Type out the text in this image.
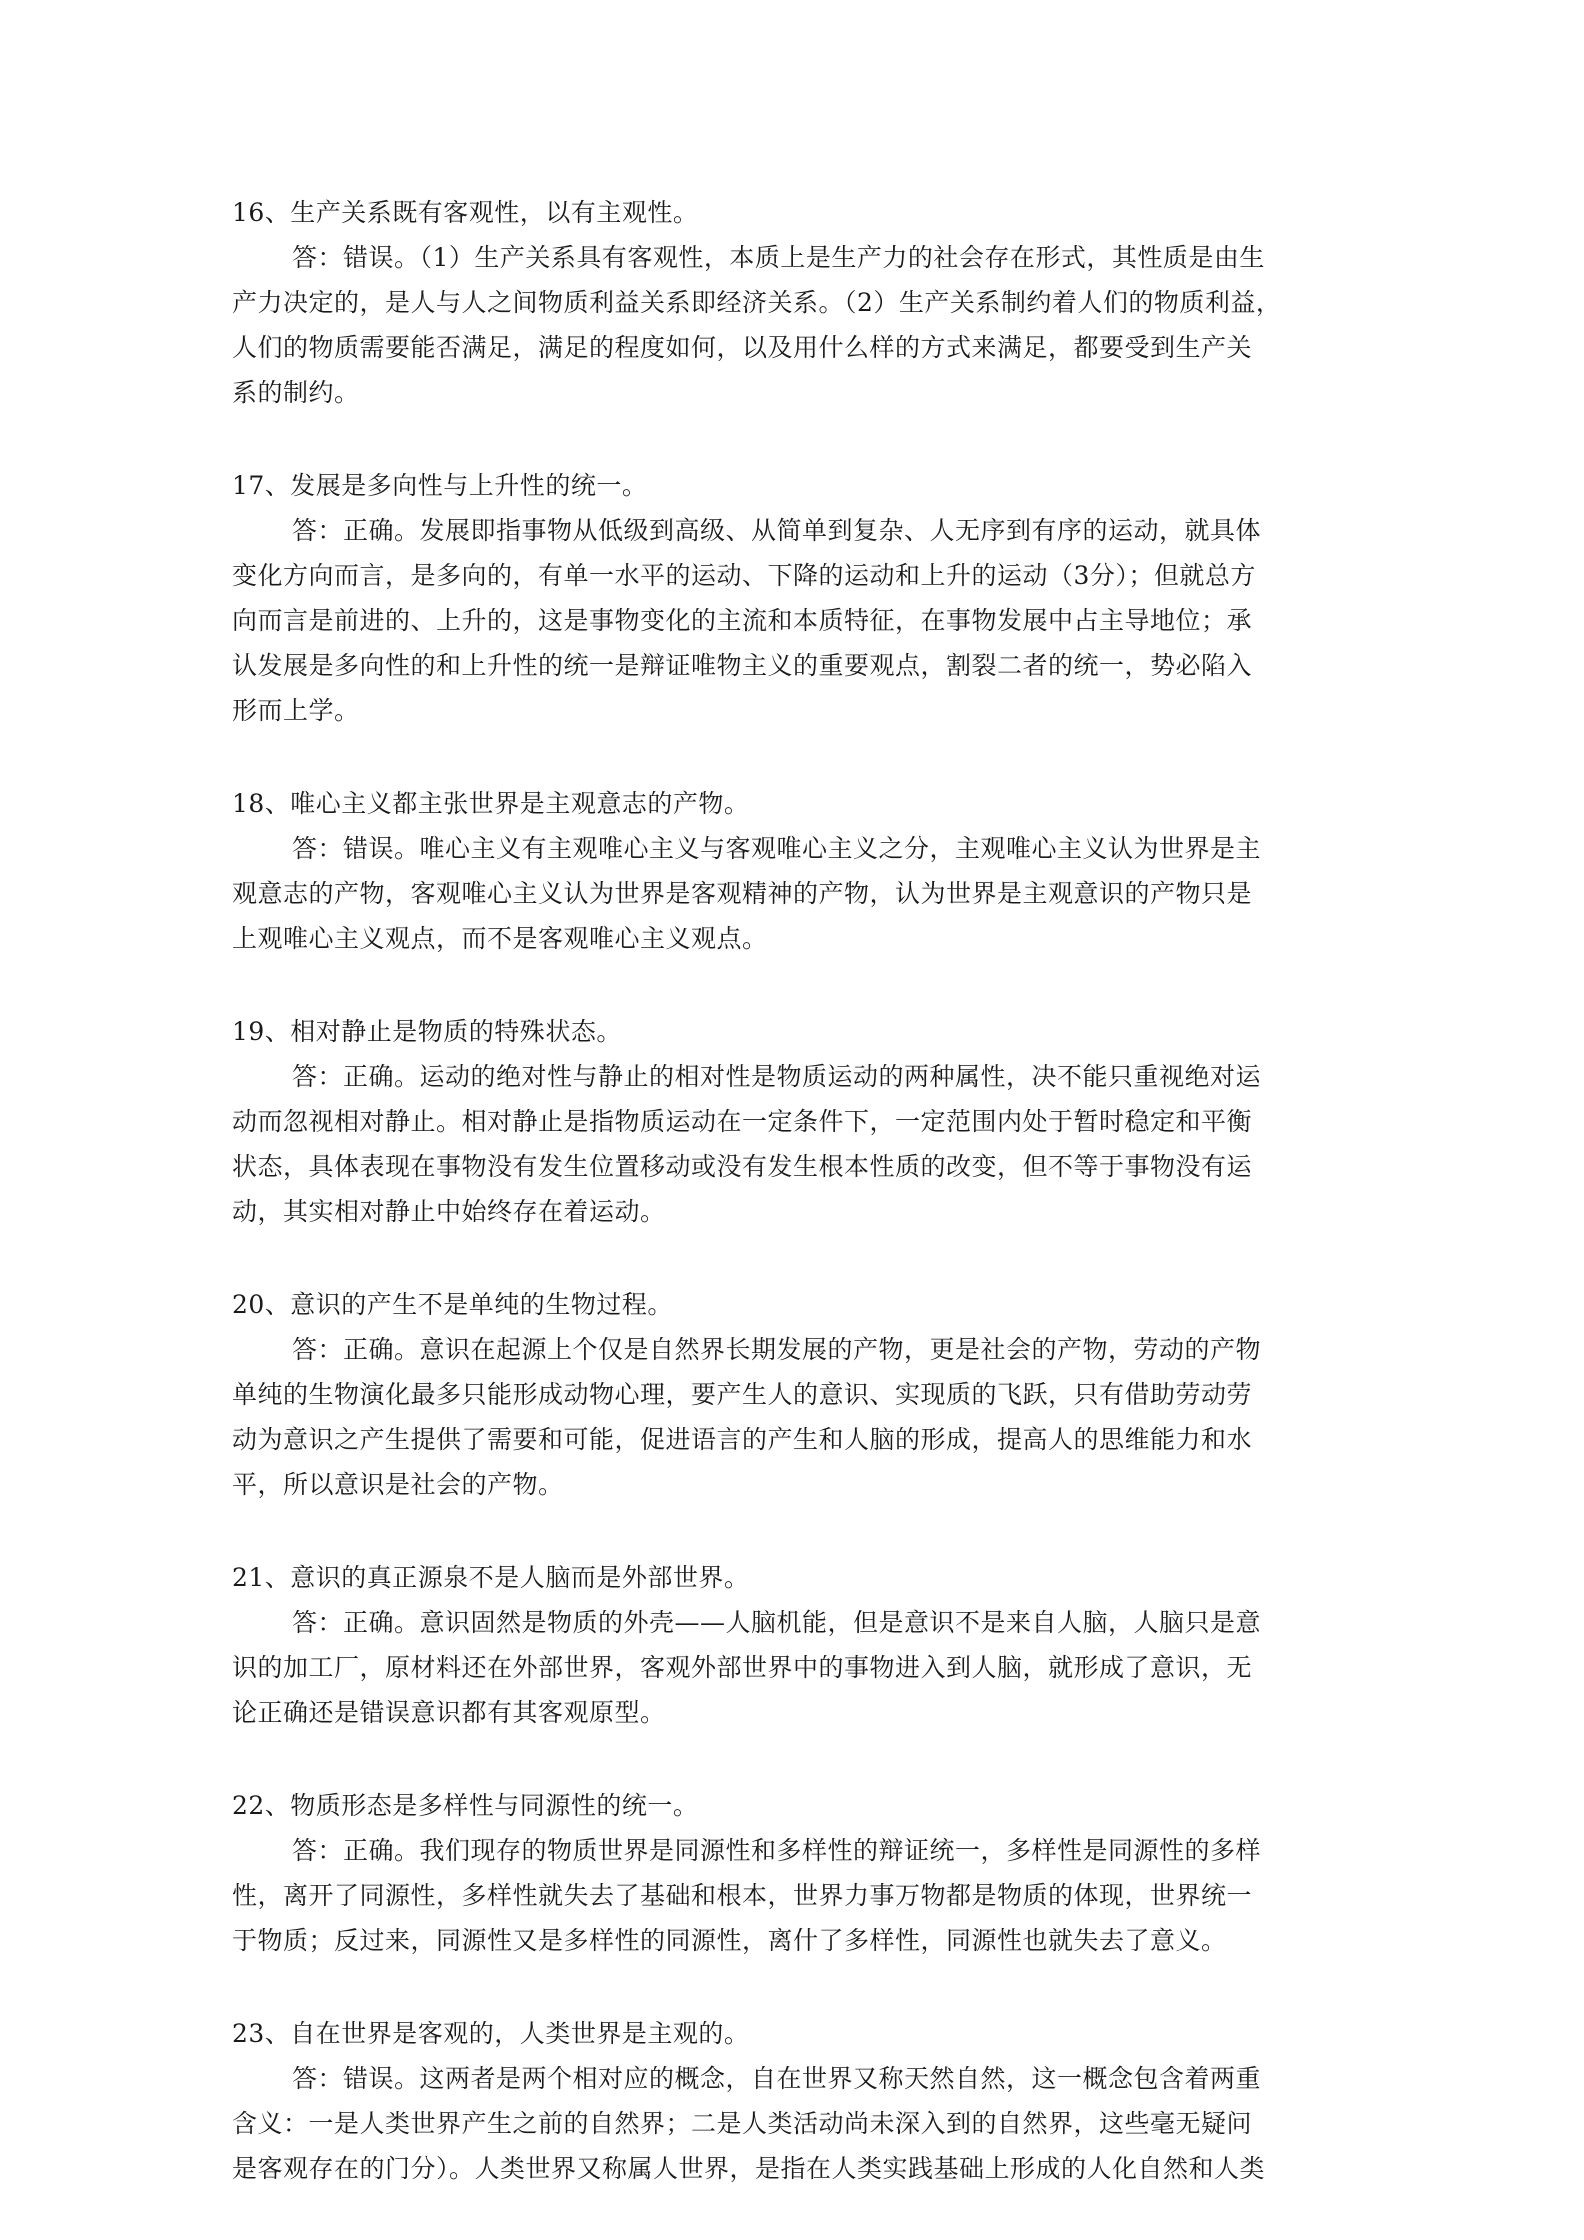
16、生产关系既有客观性，以有主观性。
答：错误。（1）生产关系具有客观性，本质上是生产力的社会存在形式，其性质是由生
产力决定的，是人与人之间物质利益关系即经济关系。（2）生产关系制约着人们的物质利益，
人们的物质需要能否满足，满足的程度如何，以及用什么样的方式来满足，都要受到生产关
系的制约。
17、发展是多向性与上升性的统一。
答：正确。发展即指事物从低级到高级、从简单到复杂、人无序到有序的运动，就具体
变化方向而言，是多向的，有单一水平的运动、下降的运动和上升的运动（3分）；但就总方
向而言是前进的、上升的，这是事物变化的主流和本质特征，在事物发展中占主导地位；承
认发展是多向性的和上升性的统一是辩证唯物主义的重要观点，割裂二者的统一，势必陷入
形而上学。
18、唯心主义都主张世界是主观意志的产物。
答：错误。唯心主义有主观唯心主义与客观唯心主义之分，主观唯心主义认为世界是主
观意志的产物，客观唯心主义认为世界是客观精神的产物，认为世界是主观意识的产物只是
上观唯心主义观点，而不是客观唯心主义观点。
19、相对静止是物质的特殊状态。
答：正确。运动的绝对性与静止的相对性是物质运动的两种属性，决不能只重视绝对运
动而忽视相对静止。相对静止是指物质运动在一定条件下，一定范围内处于暂时稳定和平衡
状态，具体表现在事物没有发生位置移动或没有发生根本性质的改变，但不等于事物没有运
动，其实相对静止中始终存在着运动。
20、意识的产生不是单纯的生物过程。
答：正确。意识在起源上个仅是自然界长期发展的产物，更是社会的产物，劳动的产物
单纯的生物演化最多只能形成动物心理，要产生人的意识、实现质的飞跃，只有借助劳动劳
动为意识之产生提供了需要和可能，促进语言的产生和人脑的形成，提高人的思维能力和水
平，所以意识是社会的产物。
21、意识的真正源泉不是人脑而是外部世界。
答：正确。意识固然是物质的外壳——人脑机能，但是意识不是来自人脑，人脑只是意
识的加工厂，原材料还在外部世界，客观外部世界中的事物进入到人脑，就形成了意识，无
论正确还是错误意识都有其客观原型。
22、物质形态是多样性与同源性的统一。
答：正确。我们现存的物质世界是同源性和多样性的辩证统一，多样性是同源性的多样
性，离开了同源性，多样性就失去了基础和根本，世界力事万物都是物质的体现，世界统一
于物质；反过来，同源性又是多样性的同源性，离什了多样性，同源性也就失去了意义。
23、自在世界是客观的，人类世界是主观的。
答：错误。这两者是两个相对应的概念，自在世界又称天然自然，这一概念包含着两重
含义：一是人类世界产生之前的自然界；二是人类活动尚未深入到的自然界，这些毫无疑问
是客观存在的门分）。人类世界又称属人世界，是指在人类实践基础上形成的人化自然和人类
